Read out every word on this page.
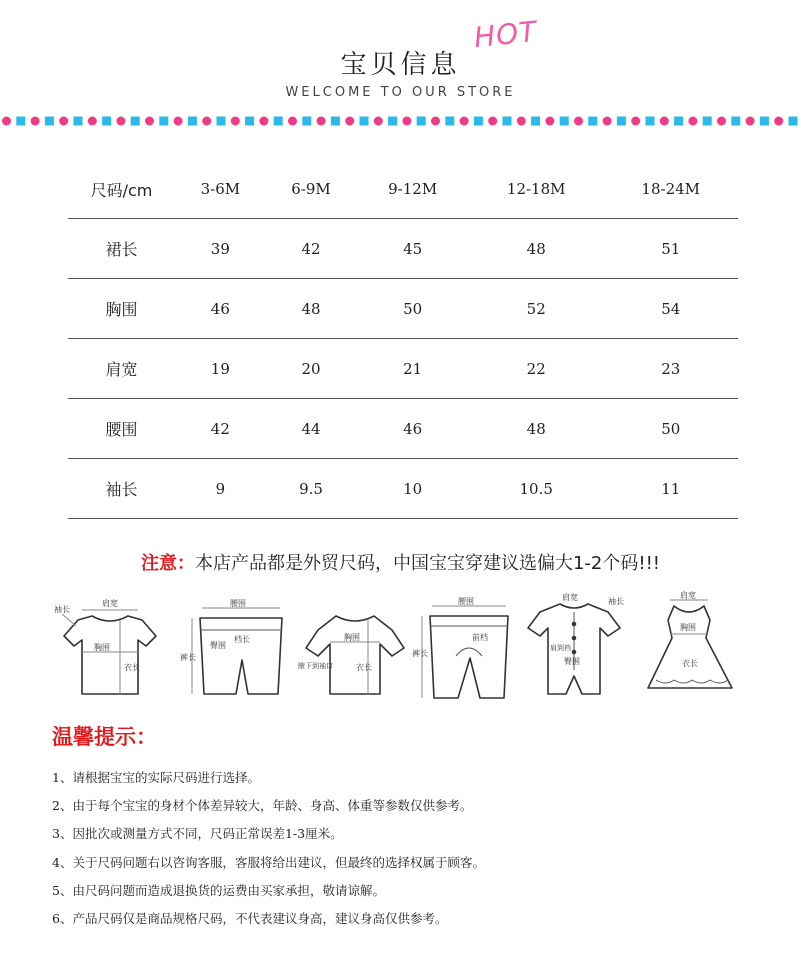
宝贝信息
HOT
WELCOME TO OUR STORE
尺码/cm	3-6M	6-9M	9-12M	12-18M	18-24M
裙长	39	42	45	48	51
胸围	46	48	50	52	54
肩宽	19	20	21	22	23
腰围	42	44	46	48	50
袖长	9	9.5	10	10.5	11
注意：本店产品都是外贸尺码，中国宝宝穿建议选偏大1-2个码!!!
肩宽
袖长
胸围
衣长
腰围
臀围
裤长
档长	胸围
衣长
腋下到袖口
腰围
前档
裤长
肩宽	袖长
肩到裆
臀围
肩宽
胸围
衣长
温馨提示：
1、请根据宝宝的实际尺码进行选择。
2、由于每个宝宝的身材个体差异较大，年龄、身高、体重等参数仅供参考。
3、因批次或测量方式不同，尺码正常误差1-3厘米。
4、关于尺码问题右以咨询客服，客服将给出建议，但最终的选择权属于顾客。
5、由尺码问题而造成退换货的运费由买家承担，敬请谅解。
6、产品尺码仅是商品规格尺码，不代表建议身高，建议身高仅供参考。
